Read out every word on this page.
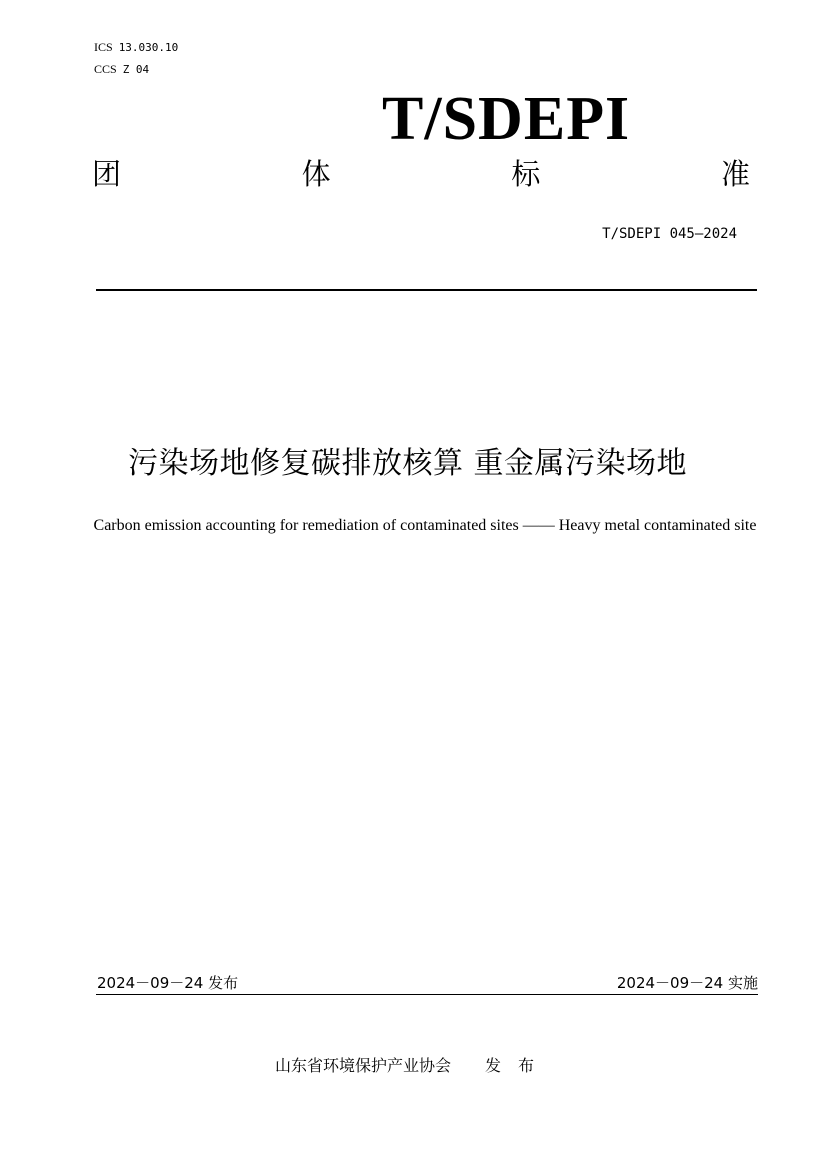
ICS 13.030.10
CCS Z 04
T/SDEPI
团	体	标	准
T/SDEPI 045—2024
污染场地修复碳排放核算 重金属污染场地
Carbon emission accounting for remediation of contaminated sites —— Heavy metal contaminated site
2024－09－24 发布	2024－09－24 实施
山东省环境保护产业协会 发 布
